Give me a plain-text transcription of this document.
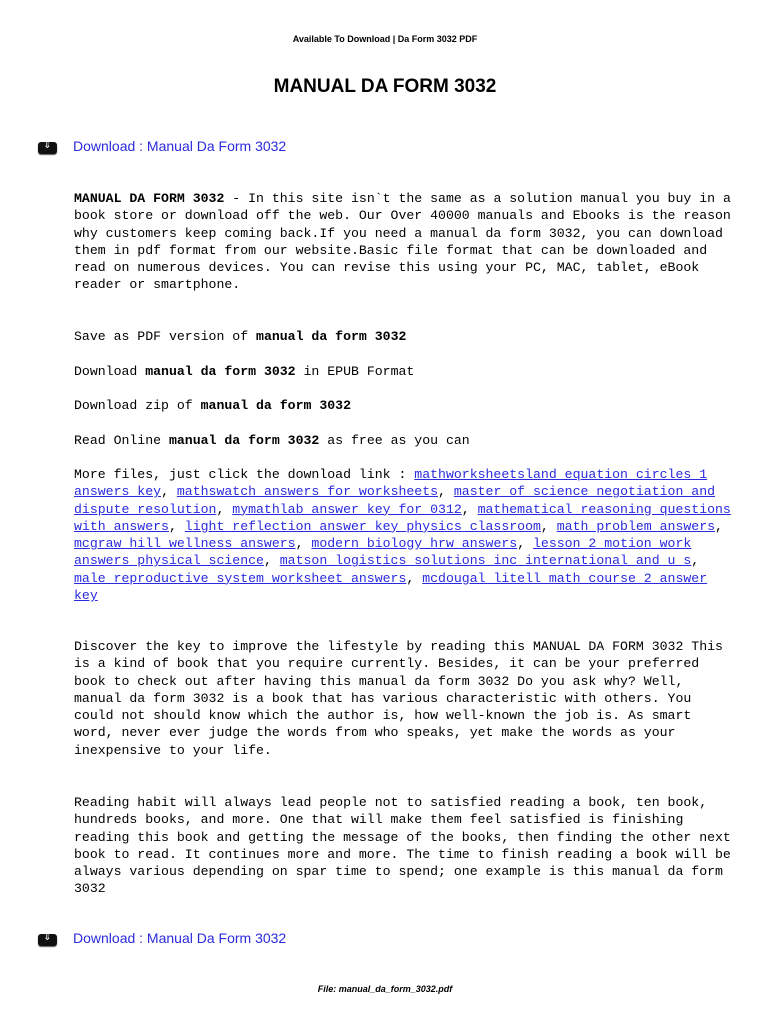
Available To Download | Da Form 3032 PDF
MANUAL DA FORM 3032
⇓	Download : Manual Da Form 3032

MANUAL DA FORM 3032 - In this site isn`t the same as a solution manual you buy in a book store or download off the web. Our Over 40000 manuals and Ebooks is the reason why customers keep coming back.If you need a manual da form 3032, you can download them in pdf format from our website.Basic file format that can be downloaded and read on numerous devices. You can revise this using your PC, MAC, tablet, eBook reader or smartphone.

Save as PDF version of manual da form 3032
Download manual da form 3032 in EPUB Format
Download zip of manual da form 3032
Read Online manual da form 3032 as free as you can

More files, just click the download link : mathworksheetsland equation circles 1 answers key, mathswatch answers for worksheets, master of science negotiation and dispute resolution, mymathlab answer key for 0312, mathematical reasoning questions with answers, light reflection answer key physics classroom, math problem answers, mcgraw hill wellness answers, modern biology hrw answers, lesson 2 motion work answers physical science, matson logistics solutions inc international and u s, male reproductive system worksheet answers, mcdougal litell math course 2 answer key

Discover the key to improve the lifestyle by reading this MANUAL DA FORM 3032 This is a kind of book that you require currently. Besides, it can be your preferred book to check out after having this manual da form 3032 Do you ask why? Well, manual da form 3032 is a book that has various characteristic with others. You could not should know which the author is, how well-known the job is. As smart word, never ever judge the words from who speaks, yet make the words as your inexpensive to your life.

Reading habit will always lead people not to satisfied reading a book, ten book, hundreds books, and more. One that will make them feel satisfied is finishing reading this book and getting the message of the books, then finding the other next book to read. It continues more and more. The time to finish reading a book will be always various depending on spar time to spend; one example is this manual da form 3032

⇓	Download : Manual Da Form 3032
File: manual_da_form_3032.pdf
